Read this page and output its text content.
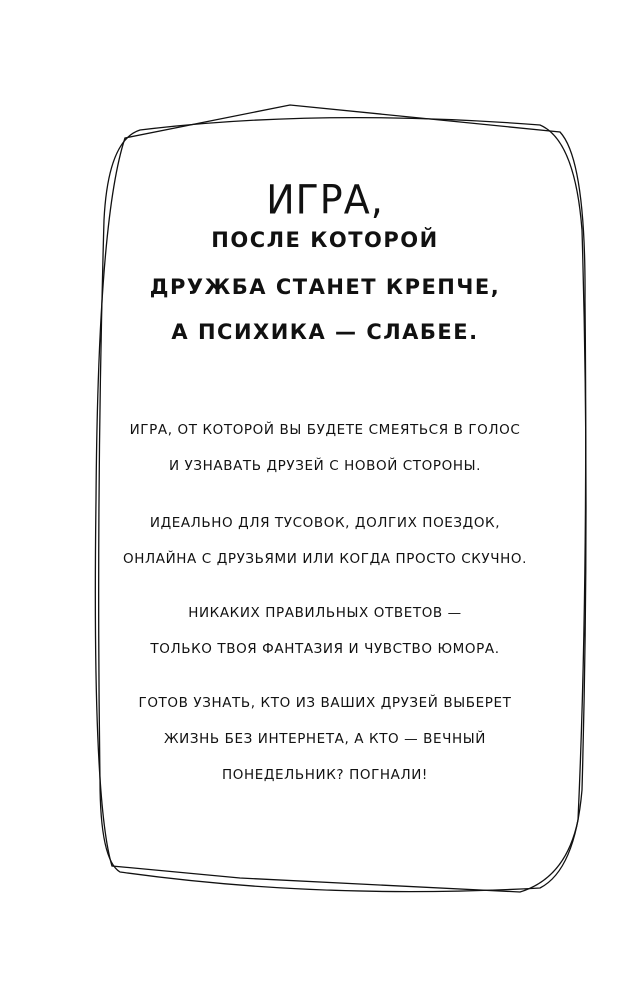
ИГРА,
ПОСЛЕ КОТОРОЙ
ДРУЖБА СТАНЕТ КРЕПЧЕ,
А ПСИХИКА — СЛАБЕЕ.
ИГРА, ОТ КОТОРОЙ ВЫ БУДЕТЕ СМЕЯТЬСЯ В ГОЛОС
И УЗНАВАТЬ ДРУЗЕЙ С НОВОЙ СТОРОНЫ.
ИДЕАЛЬНО ДЛЯ ТУСОВОК, ДОЛГИХ ПОЕЗДОК,
ОНЛАЙНА С ДРУЗЬЯМИ ИЛИ КОГДА ПРОСТО СКУЧНО.
НИКАКИХ ПРАВИЛЬНЫХ ОТВЕТОВ —
ТОЛЬКО ТВОЯ ФАНТАЗИЯ И ЧУВСТВО ЮМОРА.
ГОТОВ УЗНАТЬ, КТО ИЗ ВАШИХ ДРУЗЕЙ ВЫБЕРЕТ
ЖИЗНЬ БЕЗ ИНТЕРНЕТА, А КТО — ВЕЧНЫЙ
ПОНЕДЕЛЬНИК? ПОГНАЛИ!
